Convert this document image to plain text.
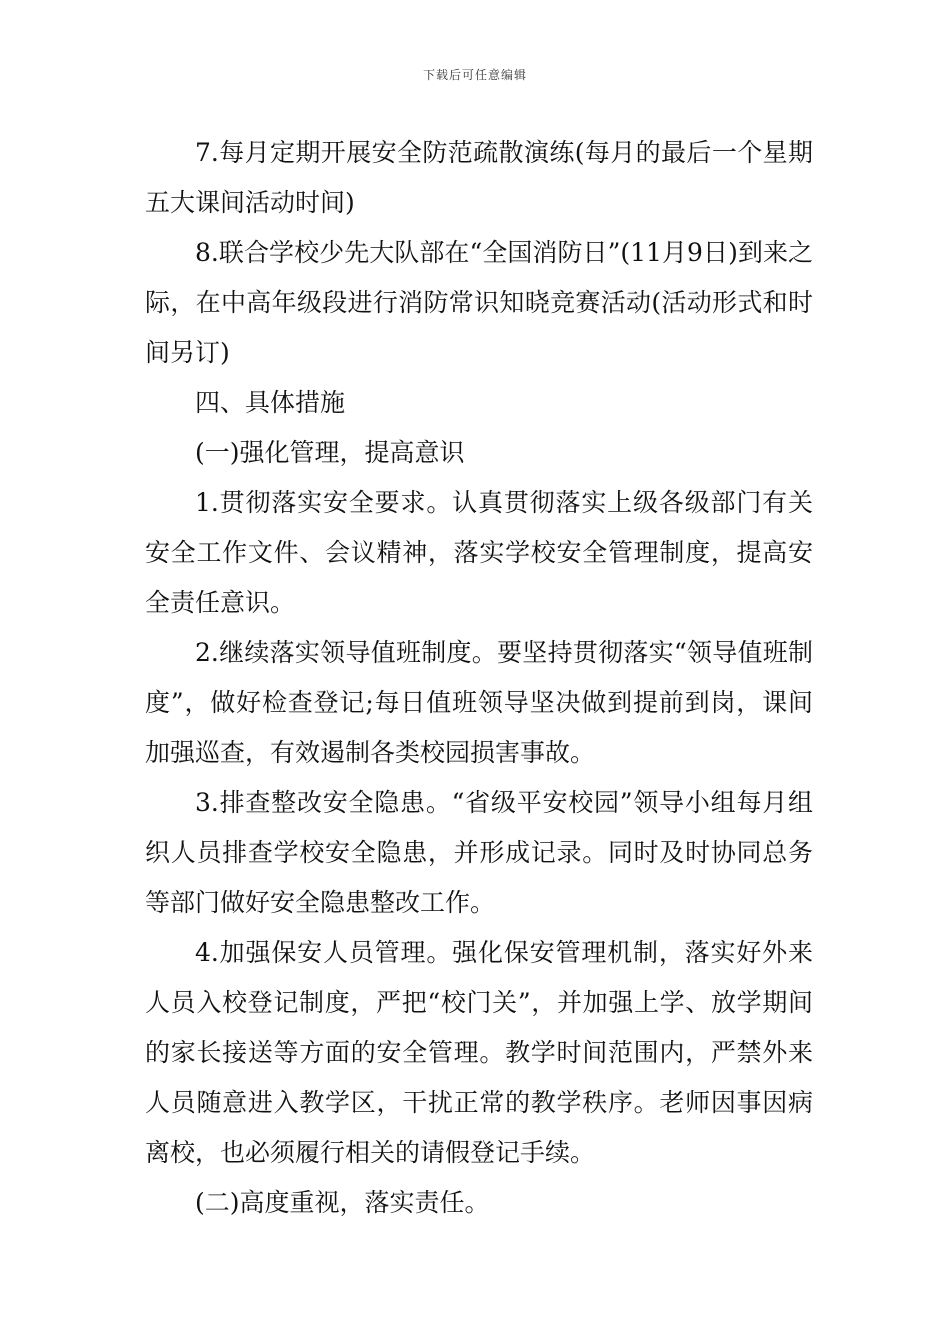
下载后可任意编辑

7.每月定期开展安全防范疏散演练(每月的最后一个星期五大课间活动时间)

8.联合学校少先大队部在“全国消防日”(11月9日)到来之际，在中高年级段进行消防常识知晓竞赛活动(活动形式和时间另订)

四、具体措施

(一)强化管理，提高意识

1.贯彻落实安全要求。认真贯彻落实上级各级部门有关安全工作文件、会议精神，落实学校安全管理制度，提高安全责任意识。

2.继续落实领导值班制度。要坚持贯彻落实“领导值班制度”，做好检查登记;每日值班领导坚决做到提前到岗，课间加强巡查，有效遏制各类校园损害事故。

3.排查整改安全隐患。“省级平安校园”领导小组每月组织人员排查学校安全隐患，并形成记录。同时及时协同总务等部门做好安全隐患整改工作。

4.加强保安人员管理。强化保安管理机制，落实好外来人员入校登记制度，严把“校门关”，并加强上学、放学期间的家长接送等方面的安全管理。教学时间范围内，严禁外来人员随意进入教学区，干扰正常的教学秩序。老师因事因病离校，也必须履行相关的请假登记手续。

(二)高度重视，落实责任。
